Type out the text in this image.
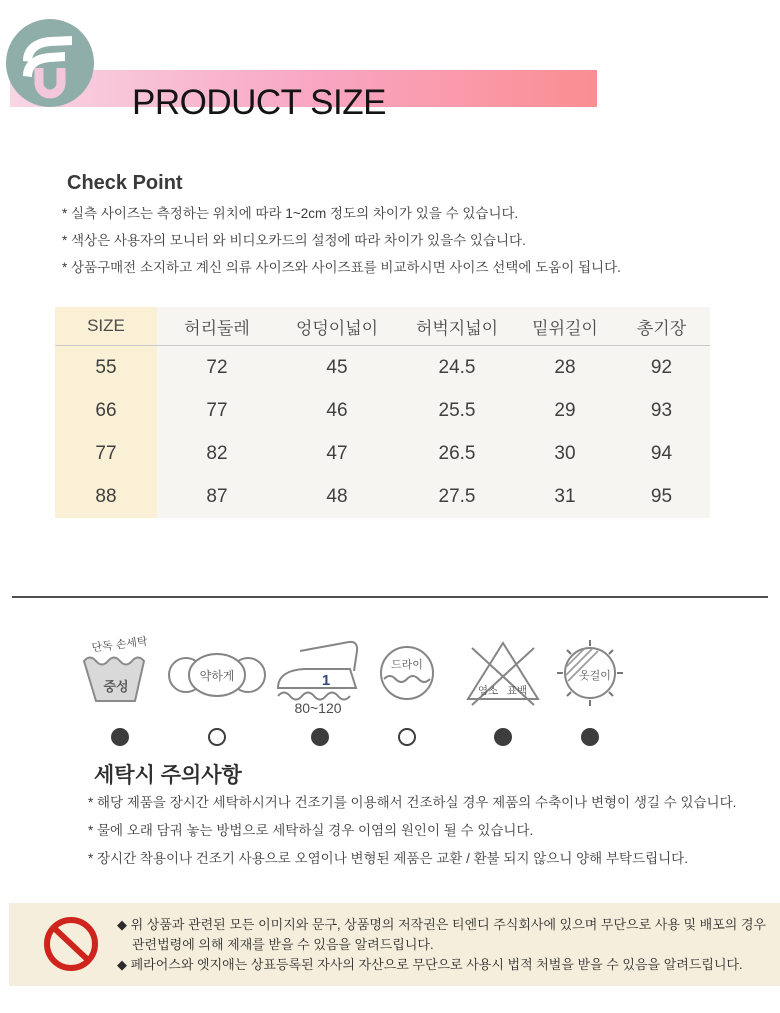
PRODUCT SIZE
Check Point
* 실측 사이즈는 측정하는 위치에 따라 1~2cm 정도의 차이가 있을 수 있습니다.
* 색상은 사용자의 모니터 와 비디오카드의 설정에 따라 차이가 있을수 있습니다.
* 상품구매전 소지하고 계신 의류 사이즈와 사이즈표를 비교하시면 사이즈 선택에 도움이 됩니다.
SIZE	허리둘레	엉덩이넓이	허벅지넓이	밑위길이	총기장
55	72	45	24.5	28	92
66	77	46	25.5	29	93
77	82	47	26.5	30	94
88	87	48	27.5	31	95
단독 손세탁
중성
약하게	1
80~120
드라이
염소 표백
옷걸이
세탁시 주의사항
* 해당 제품을 장시간 세탁하시거나 건조기를 이용해서 건조하실 경우 제품의 수축이나 변형이 생길 수 있습니다.
* 물에 오래 담궈 놓는 방법으로 세탁하실 경우 이염의 원인이 될 수 있습니다.
* 장시간 착용이나 건조기 사용으로 오염이나 변형된 제품은 교환 / 환불 되지 않으니 양해 부탁드립니다.
◆ 위 상품과 관련된 모든 이미지와 문구, 상품명의 저작권은 티엔디 주식회사에 있으며 무단으로 사용 및 배포의 경우 관련법령에 의해 제재를 받을 수 있음을 알려드립니다.
◆ 페라어스와 엣지애는 상표등록된 자사의 자산으로 무단으로 사용시 법적 처벌을 받을 수 있음을 알려드립니다.
